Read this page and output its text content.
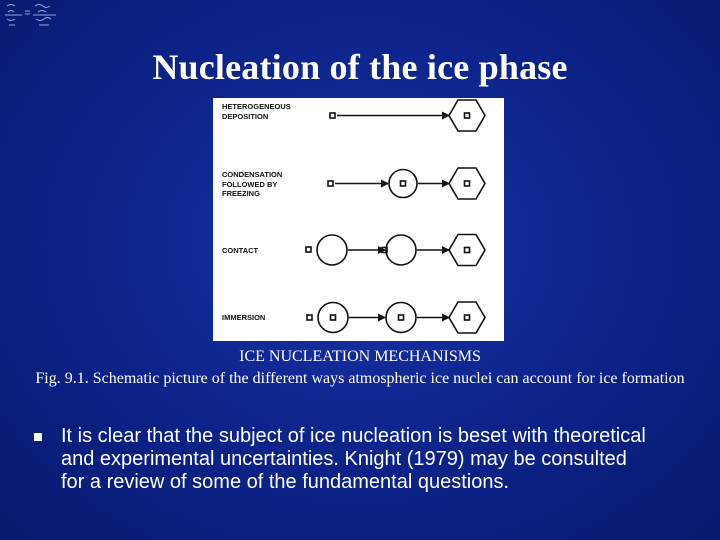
Nucleation of the ice phase
HETEROGENEOUS
DEPOSITION
CONDENSATION
FOLLOWED BY
FREEZING
CONTACT
IMMERSION
ICE NUCLEATION MECHANISMS
Fig. 9.1. Schematic picture of the different ways atmospheric ice nuclei can account for ice formation
It is clear that the subject of ice nucleation is beset with theoretical and experimental uncertainties. Knight (1979) may be consulted for a review of some of the fundamental questions.
